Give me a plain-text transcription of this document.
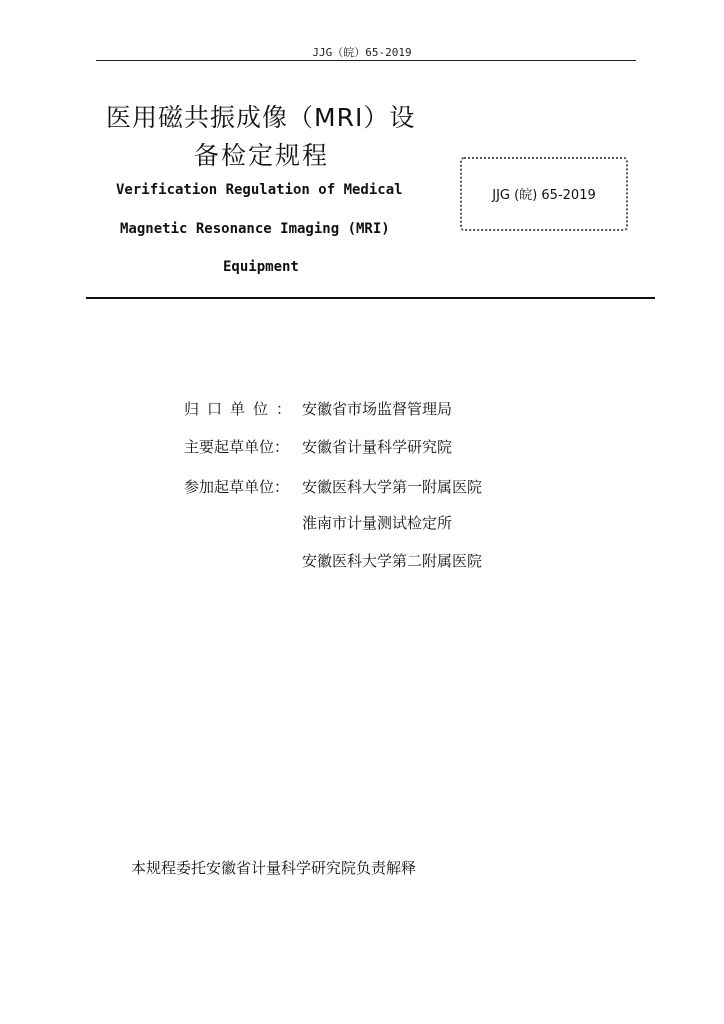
JJG（皖）65-2019
医用磁共振成像（MRI）设
备检定规程
Verification Regulation of Medical
Magnetic Resonance Imaging (MRI)
Equipment
JJG (皖) 65-2019
归口单位： 安徽省市场监督管理局
主要起草单位： 安徽省计量科学研究院
参加起草单位： 安徽医科大学第一附属医院
淮南市计量测试检定所
安徽医科大学第二附属医院
本规程委托安徽省计量科学研究院负责解释
